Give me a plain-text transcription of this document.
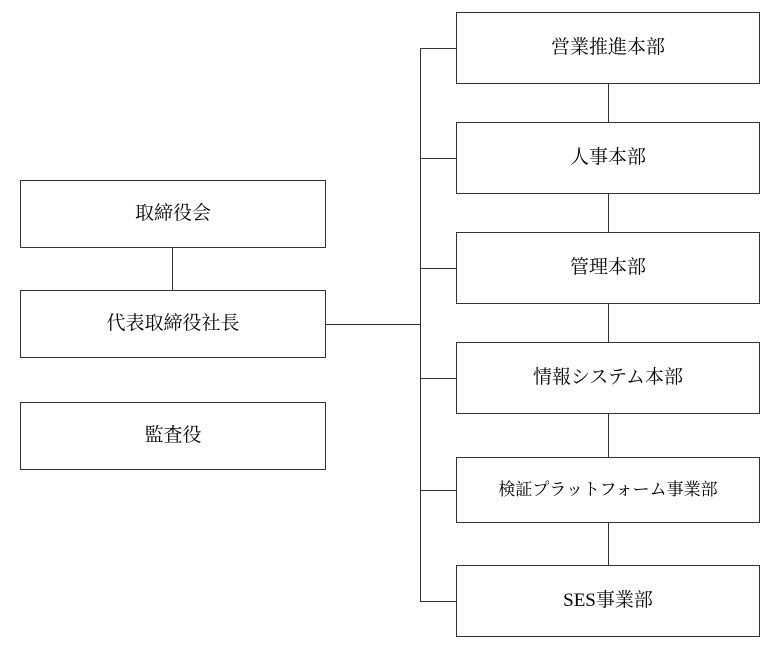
取締役会
代表取締役社長
監査役
営業推進本部
人事本部
管理本部
情報システム本部
検証プラットフォーム事業部
SES事業部
